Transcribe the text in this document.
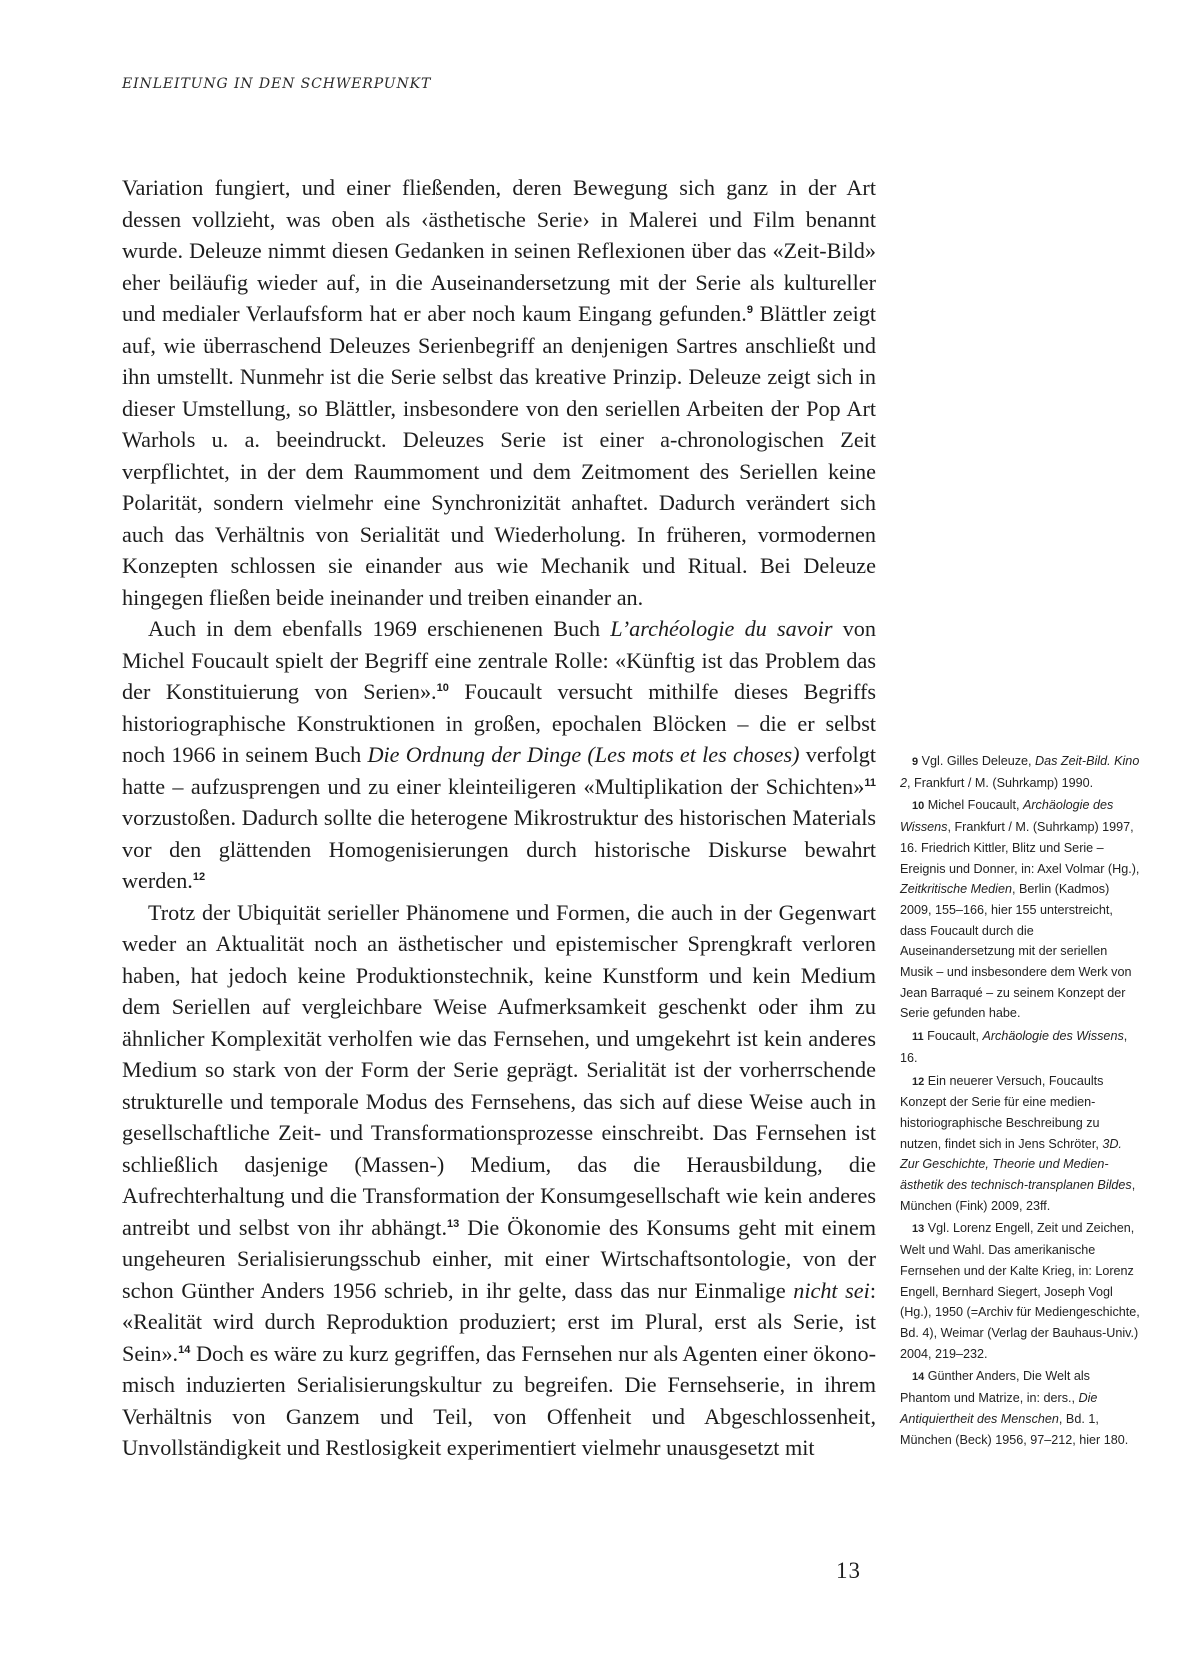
EINLEITUNG IN DEN SCHWERPUNKT

Variation fungiert, und einer fließenden, deren Bewegung sich ganz in der Art dessen vollzieht, was oben als ‹ästhetische Serie› in Malerei und Film benannt wurde. Deleuze nimmt diesen Gedanken in seinen Reflexionen über das «Zeit-Bild» eher beiläufig wieder auf, in die Auseinandersetzung mit der Serie als kultureller und medialer Verlaufsform hat er aber noch kaum Eingang gefunden.$^9$ Blättler zeigt auf, wie überraschend Deleuzes Serienbegriff an denjenigen Sartres anschließt und ihn umstellt. Nunmehr ist die Serie selbst das kreative Prinzip. Deleuze zeigt sich in dieser Umstellung, so Blättler, insbesondere von den seriellen Arbeiten der Pop Art Warhols u. a. beeindruckt. Deleuzes Serie ist einer a-chronologischen Zeit verpflichtet, in der dem Raummoment und dem Zeitmoment des Seriellen keine Polarität, sondern vielmehr eine Synchronizität anhaftet. Dadurch verändert sich auch das Verhältnis von Serialität und Wiederholung. In früheren, vormodernen Konzepten schlossen sie einander aus wie Mechanik und Ritual. Bei Deleuze hingegen fließen beide ineinander und treiben einander an.

Auch in dem ebenfalls 1969 erschienenen Buch L’archéologie du savoir von Michel Foucault spielt der Begriff eine zentrale Rolle: «Künftig ist das Problem das der Konstituierung von Serien».$^{10}$ Foucault versucht mithilfe dieses Begriffs historiographische Konstruktionen in großen, epochalen Blöcken – die er selbst noch 1966 in seinem Buch Die Ordnung der Dinge (Les mots et les choses) verfolgt hatte – aufzusprengen und zu einer kleinteiligeren «Multiplikation der Schichten»$^{11}$ vorzustoßen. Dadurch sollte die heterogene Mikrostruktur des historischen Materials vor den glättenden Homogenisierungen durch historische Diskurse bewahrt werden.$^{12}$

Trotz der Ubiquität serieller Phänomene und Formen, die auch in der Gegenwart weder an Aktualität noch an ästhetischer und epistemischer Sprengkraft verloren haben, hat jedoch keine Produktionstechnik, keine Kunstform und kein Medium dem Seriellen auf vergleichbare Weise Aufmerksamkeit geschenkt oder ihm zu ähnlicher Komplexität verholfen wie das Fernsehen, und umgekehrt ist kein anderes Medium so stark von der Form der Serie geprägt. Serialität ist der vorherrschende strukturelle und temporale Modus des Fernsehens, das sich auf diese Weise auch in gesellschaftliche Zeit- und Transformationsprozesse einschreibt. Das Fernsehen ist schließlich dasjenige (Massen-) Medium, das die Herausbildung, die Aufrechterhaltung und die Transformation der Konsumgesellschaft wie kein anderes antreibt und selbst von ihr abhängt.$^{13}$ Die Ökonomie des Konsums geht mit einem ungeheuren Serialisierungsschub einher, mit einer Wirtschaftsontologie, von der schon Günther Anders 1956 schrieb, in ihr gelte, dass das nur Einmalige nicht sei: «Realität wird durch Reproduktion produziert; erst im Plural, erst als Serie, ist Sein».$^{14}$ Doch es wäre zu kurz gegriffen, das Fernsehen nur als Agenten einer ökonomisch induzierten Serialisierungskultur zu begreifen. Die Fernsehserie, in ihrem Verhältnis von Ganzem und Teil, von Offenheit und Abgeschlossenheit, Unvollständigkeit und Restlosigkeit experimentiert vielmehr unausgesetzt mit

9 Vgl. Gilles Deleuze, Das Zeit-Bild. Kino 2, Frankfurt / M. (Suhrkamp) 1990.
10 Michel Foucault, Archäologie des Wissens, Frankfurt / M. (Suhrkamp) 1997, 16. Friedrich Kittler, Blitz und Serie – Ereignis und Donner, in: Axel Volmar (Hg.), Zeitkritische Medien, Berlin (Kadmos) 2009, 155–166, hier 155 unterstreicht, dass Foucault durch die Auseinandersetzung mit der seriellen Musik – und insbesondere dem Werk von Jean Barraqué – zu seinem Konzept der Serie gefunden habe.
11 Foucault, Archäologie des Wissens, 16.
12 Ein neuerer Versuch, Foucaults Konzept der Serie für eine medienhistoriographische Beschreibung zu nutzen, findet sich in Jens Schröter, 3D. Zur Geschichte, Theorie und Medienästhetik des technisch-transplanen Bildes, München (Fink) 2009, 23ff.
13 Vgl. Lorenz Engell, Zeit und Zeichen, Welt und Wahl. Das amerikanische Fernsehen und der Kalte Krieg, in: Lorenz Engell, Bernhard Siegert, Joseph Vogl (Hg.), 1950 (=Archiv für Mediengeschichte, Bd. 4), Weimar (Verlag der Bauhaus-Univ.) 2004, 219–232.
14 Günther Anders, Die Welt als Phantom und Matrize, in: ders., Die Antiquiertheit des Menschen, Bd. 1, München (Beck) 1956, 97–212, hier 180.
13
